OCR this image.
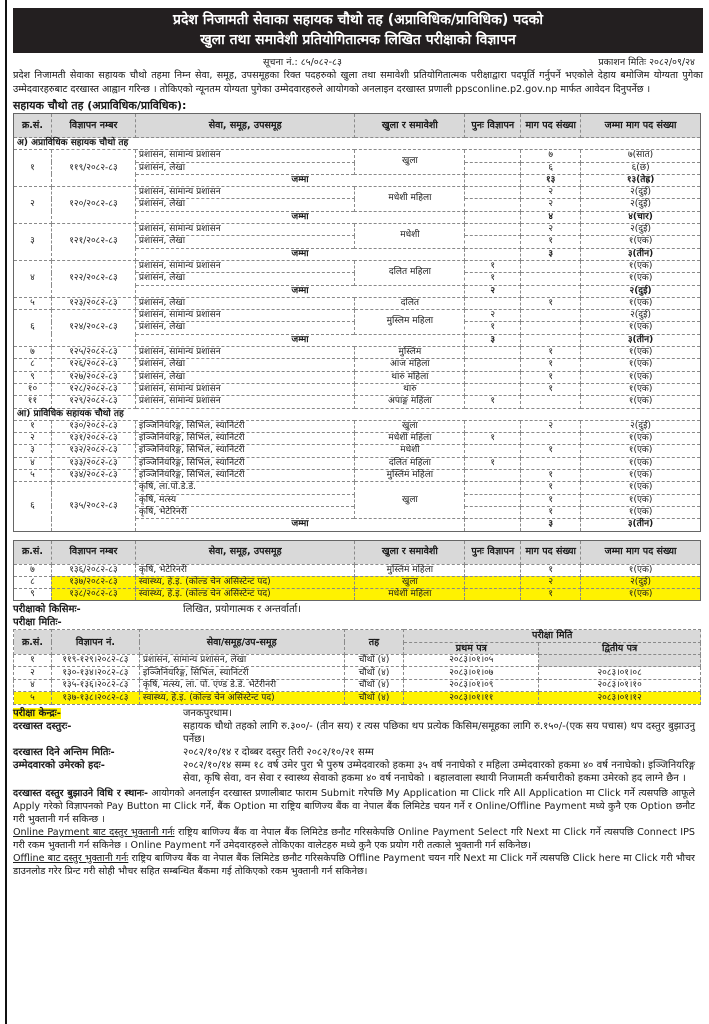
प्रदेश निजामती सेवाका सहायक चौथो तह (अप्राविधिक/प्राविधिक) पदको
खुला तथा समावेशी प्रतियोगितात्मक लिखित परीक्षाको विज्ञापन
सूचना नं.: ८५/०८२-८३	प्रकाशन मितिः २०८२/०९/२४

प्रदेश निजामती सेवाका सहायक चौथो तहमा निम्न सेवा, समूह, उपसमूहका रिक्त पदहरुको खुला तथा समावेशी प्रतियोगितात्मक परीक्षाद्वारा पदपूर्ति गर्नुपर्ने भएकोले देहाय बमोजिम योग्यता पुगेका उम्मेदवारहरुबाट दरखास्त आह्वान गरिन्छ । तोकिएको न्यूनतम योग्यता पुगेका उम्मेदवारहरुले आयोगको अनलाइन दरखास्त प्रणाली ppsconline.p2.gov.np मार्फत आवेदन दिनुपर्नेछ ।

सहायक चौथो तह (अप्राविधिक/प्राविधिक):
क्र.सं.	विज्ञापन नम्बर	सेवा, समूह, उपसमूह	खुला र समावेशी	पुनः विज्ञापन	माग पद संख्या	जम्मा माग पद संख्या
अ) अप्राविधिक सहायक चौथो तह						
१	११९/२०८२-८३	प्रशासन, सामान्य प्रशासन	खुला		७	७(सात)
		प्रशासन, लेखा			६	६(छ)
		जम्मा			१३	१३(तेह्र)
२	१२०/२०८२-८३	प्रशासन, सामान्य प्रशासन	मधेशी महिला		२	२(दुई)
		प्रशासन, लेखा			२	२(दुई)
		जम्मा			४	४(चार)
३	१२१/२०८२-८३	प्रशासन, सामान्य प्रशासन	मधेशी		२	२(दुई)
		प्रशासन, लेखा			१	१(एक)
		जम्मा			३	३(तीन)
४	१२२/२०८२-८३	प्रशासन, सामान्य प्रशासन	दलित महिला	१		१(एक)
		प्रशासन, लेखा		१		१(एक)
		जम्मा		२		२(दुई)
५	१२३/२०८२-८३	प्रशासन, लेखा	दलित		१	१(एक)
६	१२४/२०८२-८३	प्रशासन, सामान्य प्रशासन	मुस्लिम महिला	२		२(दुई)
		प्रशासन, लेखा		१		१(एक)
		जम्मा		३		३(तीन)
७	१२५/२०८२-८३	प्रशासन, सामान्य प्रशासन	मुस्लिम		१	१(एक)
८	१२६/२०८२-८३	प्रशासन, लेखा	आज महिला		१	१(एक)
९	१२७/२०८२-८३	प्रशासन, लेखा	थारु महिला		१	१(एक)
१०	१२८/२०८२-८३	प्रशासन, सामान्य प्रशासन	थारु		१	१(एक)
११	१२९/२०८२-८३	प्रशासन, सामान्य प्रशासन	अपाङ्ग महिला	१		१(एक)
आ) प्राविधिक सहायक चौथो तह						
१	१३०/२०८२-८३	इञ्जिनियरिङ्ग, सिभिल, स्यानिटरी	खुला		२	२(दुई)
२	१३१/२०८२-८३	इञ्जिनियरिङ्ग, सिभिल, स्यानिटरी	मधेशी महिला	१		१(एक)
३	१३२/२०८२-८३	इञ्जिनियरिङ्ग, सिभिल, स्यानिटरी	मधेशी		१	१(एक)
४	१३३/२०८२-८३	इञ्जिनियरिङ्ग, सिभिल, स्यानिटरी	दलित महिला	१		१(एक)
५	१३४/२०८२-८३	इञ्जिनियरिङ्ग, सिभिल, स्यानिटरी	मुस्लिम महिला		१	१(एक)
६	१३५/२०८२-८३	कृषि, ला.पो.डे.डे.	खुला		१	१(एक)
		कृषि, मत्स्य			१	१(एक)
		कृषि, भेटेरिनरी			१	१(एक)
		जम्मा			३	३(तीन)
क्र.सं.	विज्ञापन नम्बर	सेवा, समूह, उपसमूह	खुला र समावेशी	पुनः विज्ञापन	माग पद संख्या	जम्मा माग पद संख्या
७	१३६/२०८२-८३	कृषि, भेटेरिनरी	मुस्लिम महिला		१	१(एक)
८	१३७/२०८२-८३	स्वास्थ्य, हे.इ. (कोल्ड चेन असिस्टेन्ट पद)	खुला		२	२(दुई)
९	१३८/२०८२-८३	स्वास्थ्य, हे.इ. (कोल्ड चेन असिस्टेन्ट पद)	मधेशी महिला		१	१(एक)
परीक्षाको किसिमः-	लिखित, प्रयोगात्मक र अन्तर्वार्ता।
परीक्षा मितिः-
क्र.सं.	विज्ञापन नं.	सेवा/समूह/उप-समूह	तह	परीक्षा मिति	
				प्रथम पत्र	द्वितीय पत्र
१	११९-१२९।२०८२-८३	प्रशासन, सामान्य प्रशासन, लेखा	चौथों (४)	२०८३।०१।०५	
२	१३०-१३४।२०८२-८३	इञ्जिनियरिङ्ग, सिभिल, स्यानिटरी	चौथों (४)	२०८३।०१।०७	२०८३।०१।०८
४	१३५-१३६।२०८२-८३	कृषि, मत्स्य, ला. पो. एण्ड डे.डे. भेटेरीनरी	चौथों (४)	२०८३।०१।०९	२०८३।०१।१०
५	१३७-१३८।२०८२-८३	स्वास्थ्य, हे.इ. (कोल्ड चेन असिस्टेन्ट पद)	चौथों (४)	२०८३।०१।११	२०८३।०१।१२
परीक्षा केन्द्रः-	जनकपुरधाम।
दरखास्त दस्तुरः-	सहायक चौथो तहको लागि रु.३००/- (तीन सय) र त्यस पछिका थप प्रत्येक किसिम/समूहका लागि रु.१५०/-(एक सय पचास) थप दस्तुर बुझाउनु पर्नेछ।
दरखास्त दिने अन्तिम मितिः-	२०८२/१०/१४ र दोब्बर दस्तुर तिरी २०८२/१०/२१ सम्म
उम्मेदवारको उमेरको हदः-	२०८२/१०/१४ सम्म १८ वर्ष उमेर पुरा भै पुरुष उम्मेदवारको हकमा ३५ वर्ष ननाघेको र महिला उम्मेदवारको हकमा ४० वर्ष ननाघेको। इञ्जिनियरिङ्ग सेवा, कृषि सेवा, वन सेवा र स्वास्थ्य सेवाको हकमा ४० वर्ष ननाघेको । बहालवाला स्थायी निजामती कर्मचारीको हकमा उमेरको हद लाग्ने छैन ।
दरखास्त दस्तुर बुझाउने विधि र स्थानः- आयोगको अनलाईन दरखास्त प्रणालीबाट फाराम Submit गरेपछि My Application मा Click गरि All Application मा Click गर्ने त्यसपछि आफूले Apply गरेको विज्ञापनको Pay Button मा Click गर्ने, बैंक Option मा राष्ट्रिय बाणिज्य बैंक वा नेपाल बैंक लिमिटेड चयन गर्ने र Online/Offline Payment मध्ये कुनै एक Option छनौट गरी भुक्तानी गर्न सकिन्छ ।
Online Payment बाट दस्तुर भुक्तानी गर्नः राष्ट्रिय बाणिज्य बैंक वा नेपाल बैंक लिमिटेड छनौट गरिसकेपछि Online Payment Select गरि Next मा Click गर्ने त्यसपछि Connect IPS गरी रकम भुक्तानी गर्न सकिनेछ । Online Payment गर्ने उमेदवारहरुले तोकिएका वालेटहरु मध्ये कुनै एक प्रयोग गरी तत्काले भुक्तानी गर्न सकिनेछ।
Offline बाट दस्तुर भुक्तानी गर्नः राष्ट्रिय बाणिज्य बैंक वा नेपाल बैंक लिमिटेड छनौट गरिसकेपछि Offline Payment चयन गरि Next मा Click गर्ने त्यसपछि Click here मा Click गरी भौचर डाउनलोड गरेर प्रिन्ट गरी सोही भौचर सहित सम्बन्धित बैंकमा गई तोकिएको रकम भुक्तानी गर्न सकिनेछ।
